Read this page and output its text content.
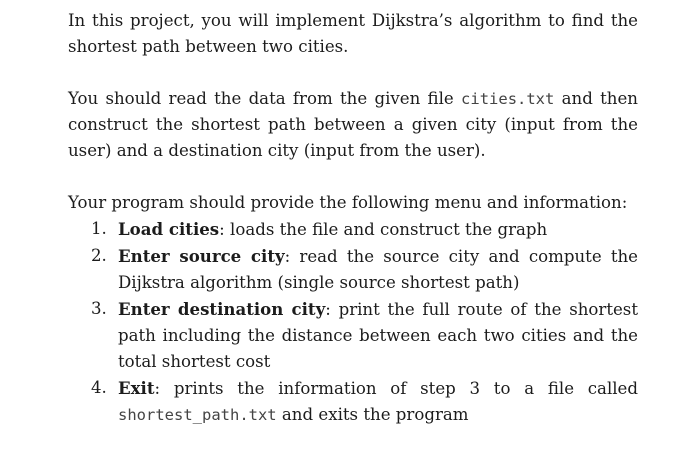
In this project, you will implement Dijkstra’s algorithm to find the shortest path between two cities.

You should read the data from the given file cities.txt and then construct the shortest path between a given city (input from the user) and a destination city (input from the user).

Your program should provide the following menu and information:
1. Load cities: loads the file and construct the graph
2. Enter source city: read the source city and compute the Dijkstra algorithm (single source shortest path)
3. Enter destination city: print the full route of the shortest path including the distance between each two cities and the total shortest cost
4. Exit: prints the information of step 3 to a file called shortest_path.txt and exits the program
